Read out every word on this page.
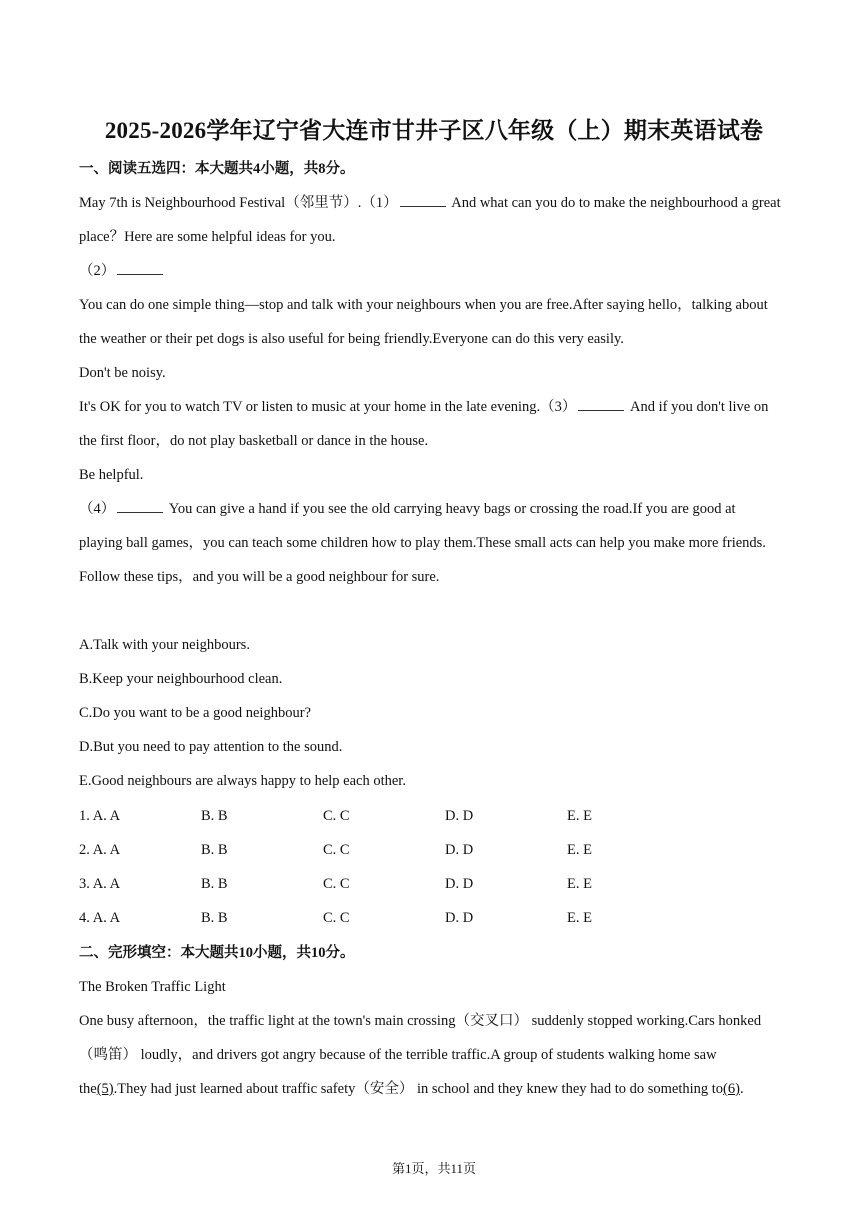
2025-2026学年辽宁省大连市甘井子区八年级（上）期末英语试卷
一、阅读五选四：本大题共4小题，共8分。
May 7th is Neighbourhood Festival（邻里节）.（1）	And what can you do to make the neighbourhood a great
place？Here are some helpful ideas for you.
（2）
You can do one simple thing—stop and talk with your neighbours when you are free.After saying hello，talking about
the weather or their pet dogs is also useful for being friendly.Everyone can do this very easily.
Don't be noisy.
It's OK for you to watch TV or listen to music at your home in the late evening.（3）	And if you don't live on
the first floor，do not play basketball or dance in the house.
Be helpful.
（4）	You can give a hand if you see the old carrying heavy bags or crossing the road.If you are good at
playing ball games，you can teach some children how to play them.These small acts can help you make more friends.
Follow these tips，and you will be a good neighbour for sure.
A.Talk with your neighbours.
B.Keep your neighbourhood clean.
C.Do you want to be a good neighbour?
D.But you need to pay attention to the sound.
E.Good neighbours are always happy to help each other.
1. A. A	B. B	C. C	D. D	E. E
2. A. A	B. B	C. C	D. D	E. E
3. A. A	B. B	C. C	D. D	E. E
4. A. A	B. B	C. C	D. D	E. E
二、完形填空：本大题共10小题，共10分。
The Broken Traffic Light
One busy afternoon，the traffic light at the town's main crossing（交叉口） suddenly stopped working.Cars honked
（鸣笛） loudly，and drivers got angry because of the terrible traffic.A group of students walking home saw
the(5).They had just learned about traffic safety（安全） in school and they knew they had to do something to(6).
第1页，共11页
